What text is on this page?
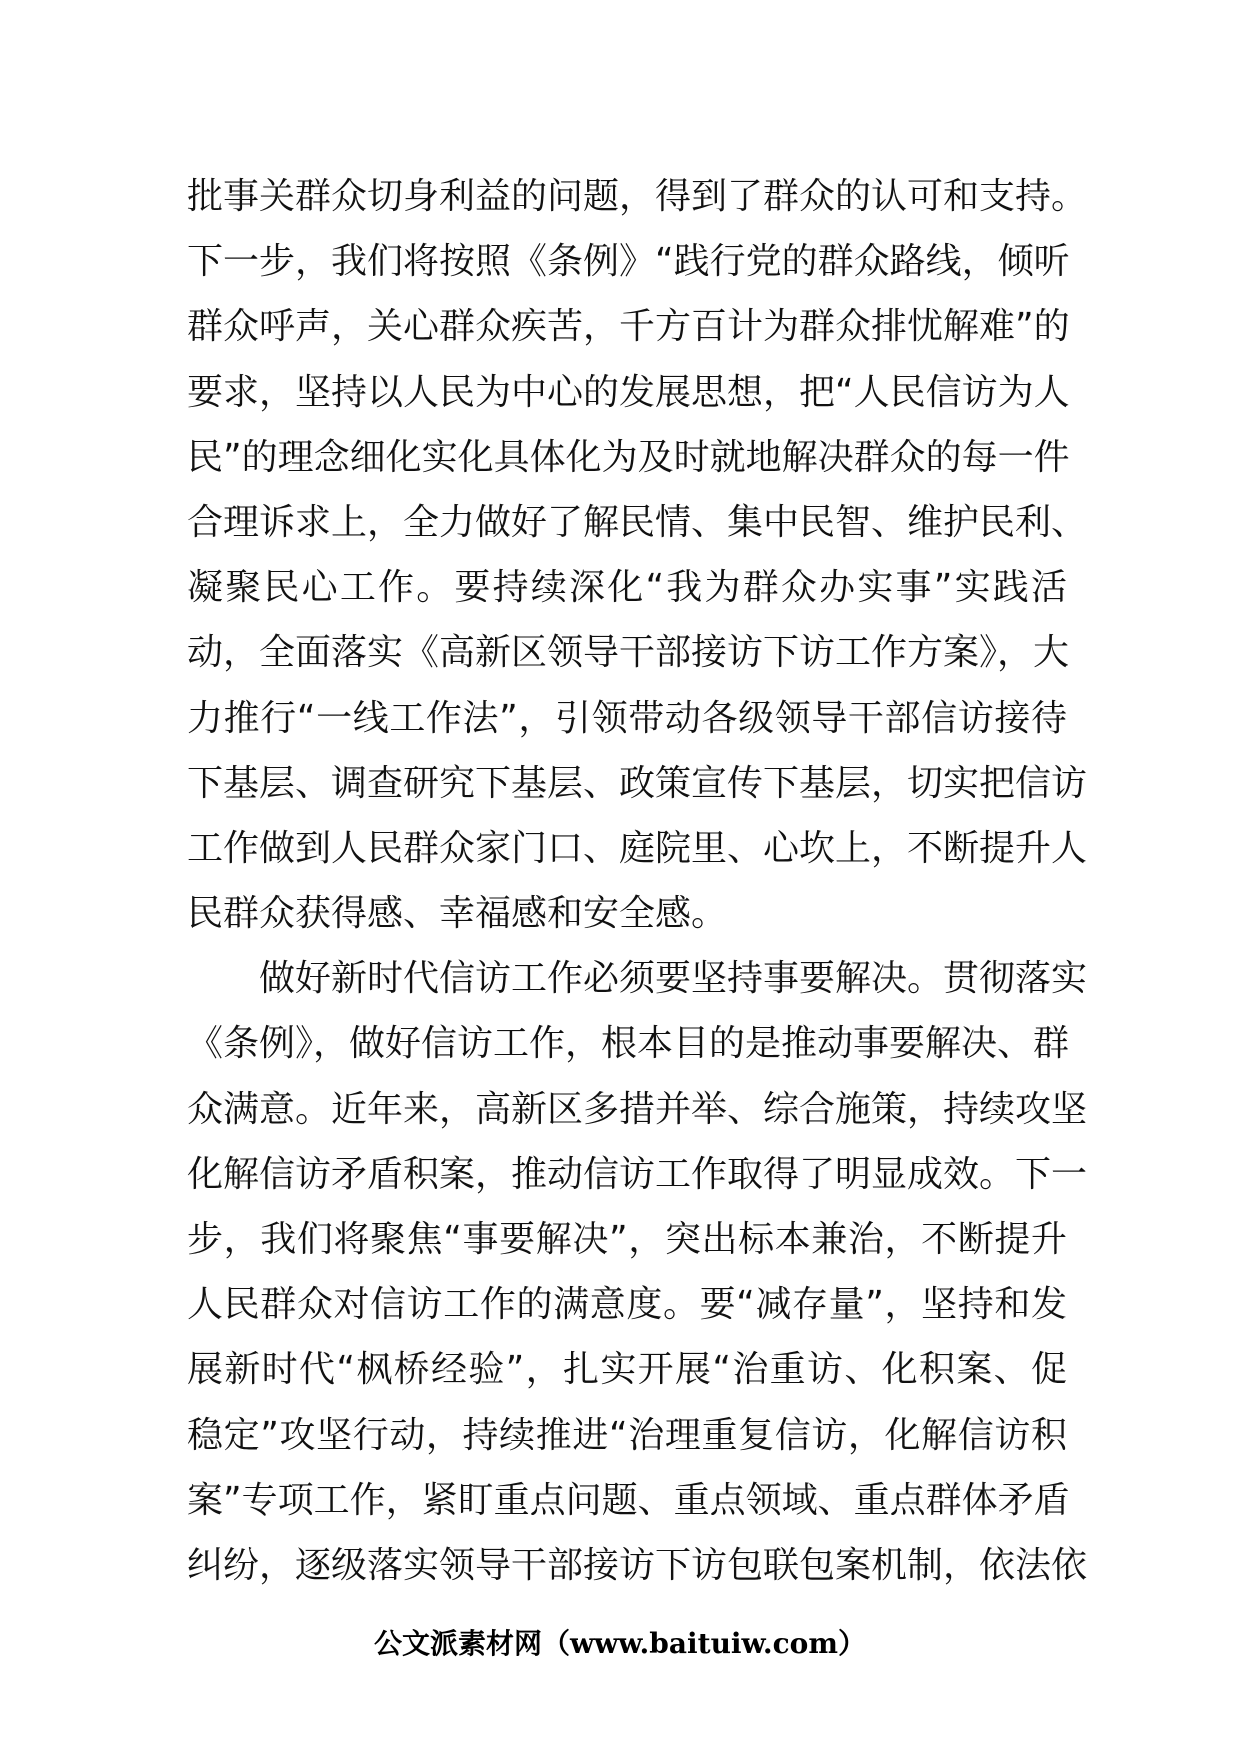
批事关群众切身利益的问题，得到了群众的认可和支持。
下一步，我们将按照《条例》“践行党的群众路线，倾听
群众呼声，关心群众疾苦，千方百计为群众排忧解难”的
要求，坚持以人民为中心的发展思想，把“人民信访为人
民”的理念细化实化具体化为及时就地解决群众的每一件
合理诉求上，全力做好了解民情、集中民智、维护民利、
凝聚民心工作。要持续深化“我为群众办实事”实践活
动，全面落实《高新区领导干部接访下访工作方案》，大
力推行“一线工作法”，引领带动各级领导干部信访接待
下基层、调查研究下基层、政策宣传下基层，切实把信访
工作做到人民群众家门口、庭院里、心坎上，不断提升人
民群众获得感、幸福感和安全感。
　　做好新时代信访工作必须要坚持事要解决。贯彻落实
《条例》，做好信访工作，根本目的是推动事要解决、群
众满意。近年来，高新区多措并举、综合施策，持续攻坚
化解信访矛盾积案，推动信访工作取得了明显成效。下一
步，我们将聚焦“事要解决”，突出标本兼治，不断提升
人民群众对信访工作的满意度。要“减存量”，坚持和发
展新时代“枫桥经验”，扎实开展“治重访、化积案、促
稳定”攻坚行动，持续推进“治理重复信访，化解信访积
案”专项工作，紧盯重点问题、重点领域、重点群体矛盾
纠纷，逐级落实领导干部接访下访包联包案机制，依法依
公文派素材网（www.baituiw.com）
